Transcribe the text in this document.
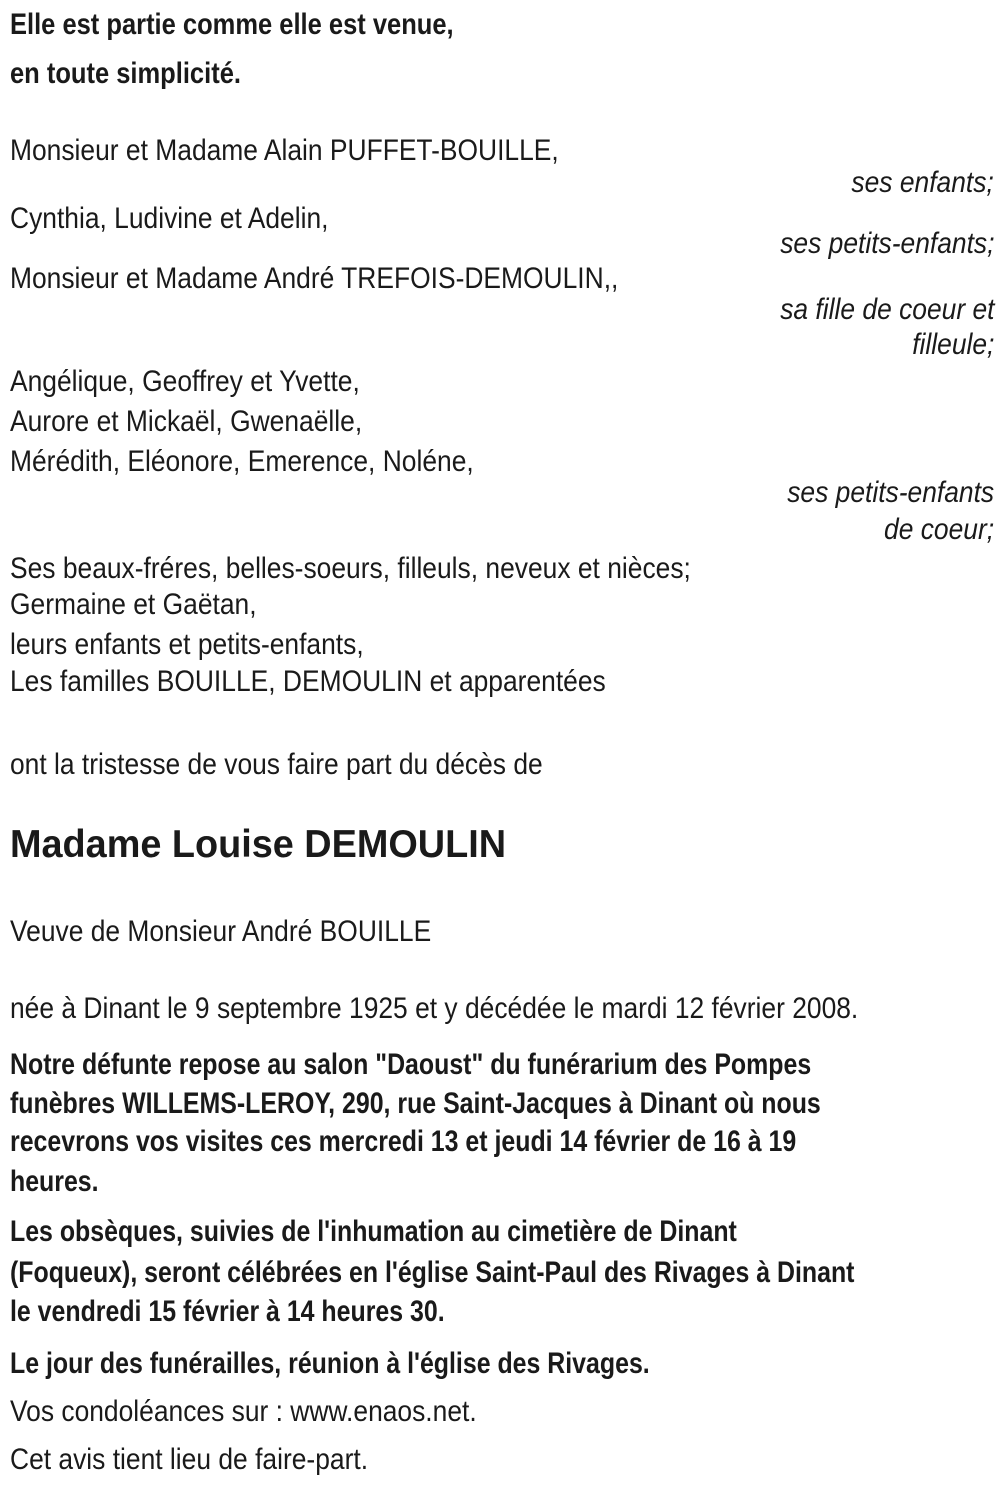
Elle est partie comme elle est venue,
en toute simplicité.
Monsieur et Madame Alain PUFFET-BOUILLE,
ses enfants;
Cynthia, Ludivine et Adelin,
ses petits-enfants;
Monsieur et Madame André TREFOIS-DEMOULIN,,
sa fille de coeur et
filleule;
Angélique, Geoffrey et Yvette,
Aurore et Mickaël, Gwenaëlle,
Mérédith, Eléonore, Emerence, Noléne,
ses petits-enfants
de coeur;
Ses beaux-fréres, belles-soeurs, filleuls, neveux et nièces;
Germaine et Gaëtan,
leurs enfants et petits-enfants,
Les familles BOUILLE, DEMOULIN et apparentées
ont la tristesse de vous faire part du décès de
Madame Louise DEMOULIN
Veuve de Monsieur André BOUILLE
née à Dinant le 9 septembre 1925 et y décédée le mardi 12 février 2008.
Notre défunte repose au salon "Daoust" du funérarium des Pompes
funèbres WILLEMS-LEROY, 290, rue Saint-Jacques à Dinant où nous
recevrons vos visites ces mercredi 13 et jeudi 14 février de 16 à 19
heures.
Les obsèques, suivies de l'inhumation au cimetière de Dinant
(Foqueux), seront célébrées en l'église Saint-Paul des Rivages à Dinant
le vendredi 15 février à 14 heures 30.
Le jour des funérailles, réunion à l'église des Rivages.
Vos condoléances sur : www.enaos.net.
Cet avis tient lieu de faire-part.
